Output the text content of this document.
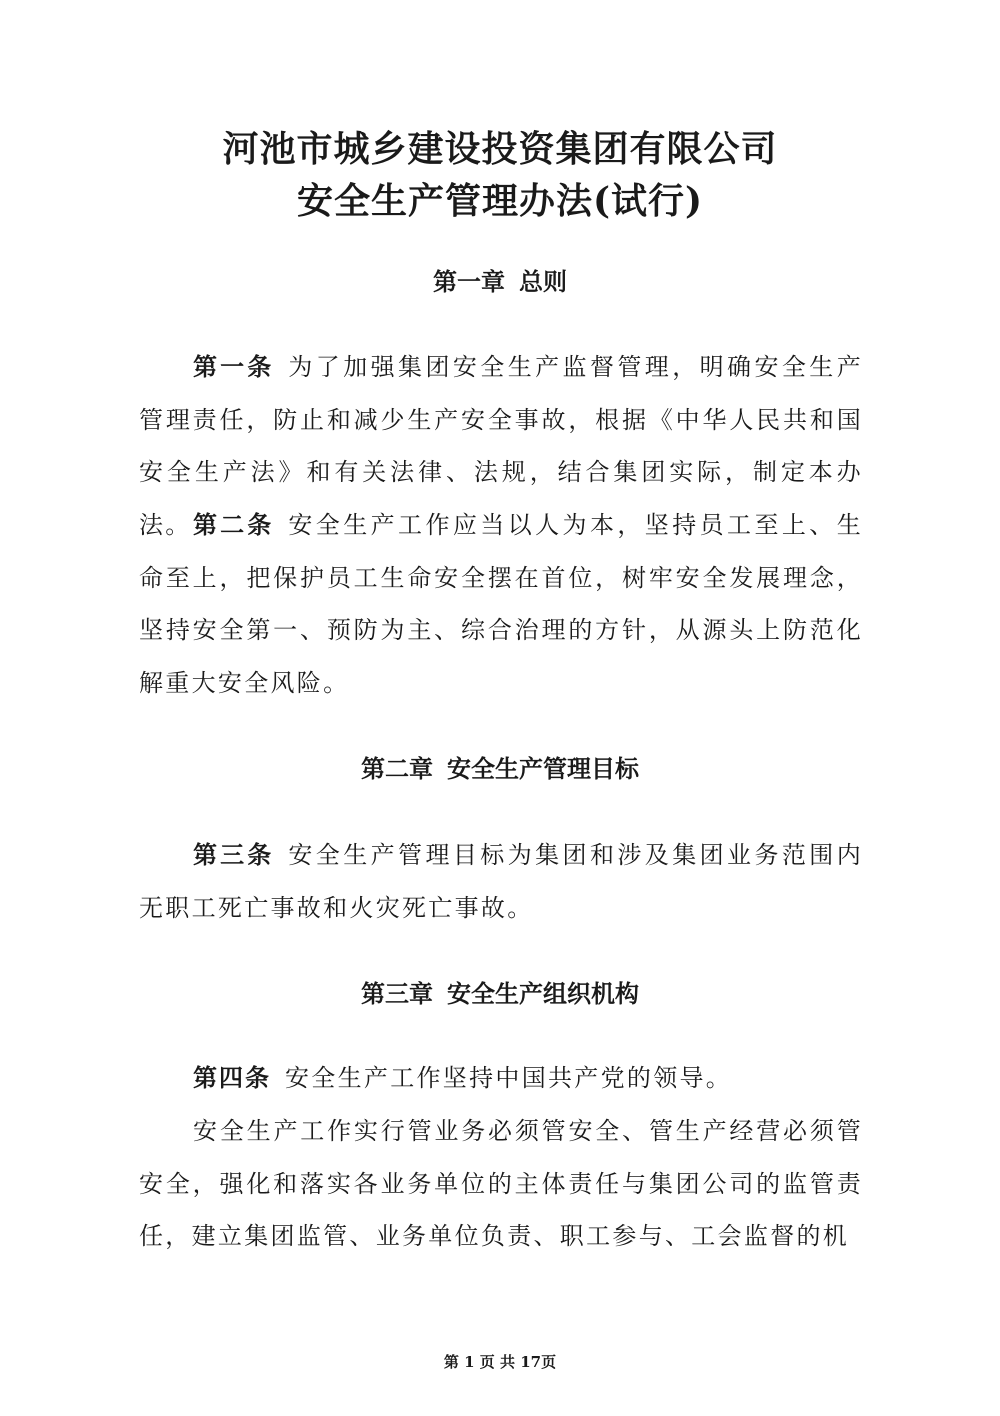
河池市城乡建设投资集团有限公司
安全生产管理办法(试行)
第一章 总则

第一条 为了加强集团安全生产监督管理，明确安全生产管理责任，防止和减少生产安全事故，根据《中华人民共和国安全生产法》和有关法律、法规，结合集团实际，制定本办法。 第二条 安全生产工作应当以人为本，坚持员工至上、生命至上，把保护员工生命安全摆在首位，树牢安全发展理念，坚持安全第一、预防为主、综合治理的方针，从源头上防范化解重大安全风险。

第二章 安全生产管理目标

第三条 安全生产管理目标为集团和涉及集团业务范围内无职工死亡事故和火灾死亡事故。

第三章 安全生产组织机构

第四条 安全生产工作坚持中国共产党的领导。

安全生产工作实行管业务必须管安全、管生产经营必须管安全，强化和落实各业务单位的主体责任与集团公司的监管责任，建立集团监管、业务单位负责、职工参与、工会监督的机

第 1 页 共 17页
